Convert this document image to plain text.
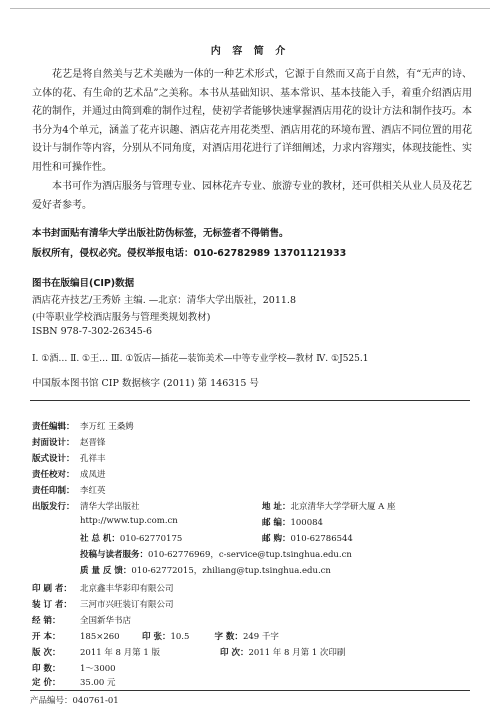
内 容 简 介
花艺是将自然美与艺术美融为一体的一种艺术形式，它源于自然而又高于自然，有“无声的诗、立体的花、有生命的艺术品”之美称。本书从基础知识、基本常识、基本技能入手，着重介绍酒店用花的制作，并通过由简到难的制作过程，使初学者能够快速掌握酒店用花的设计方法和制作技巧。本书分为4个单元，涵盖了花卉识趣、酒店花卉用花类型、酒店用花的环境布置、酒店不同位置的用花设计与制作等内容，分别从不同角度，对酒店用花进行了详细阐述，力求内容翔实，体现技能性、实用性和可操作性。
本书可作为酒店服务与管理专业、园林花卉专业、旅游专业的教材，还可供相关从业人员及花艺爱好者参考。
本书封面贴有清华大学出版社防伪标签，无标签者不得销售。
版权所有，侵权必究。侵权举报电话：010-62782989 13701121933
图书在版编目(CIP)数据
酒店花卉技艺/王秀娇 主编. —北京：清华大学出版社，2011.8
(中等职业学校酒店服务与管理类规划教材)
ISBN 978-7-302-26345-6
Ⅰ. ①酒… Ⅱ. ①王… Ⅲ. ①饭店—插花—装饰美术—中等专业学校—教材 Ⅳ. ①J525.1
中国版本图书馆 CIP 数据核字 (2011) 第 146315 号
责任编辑： 李万红 王桑娉
封面设计： 赵晋锋
版式设计： 孔祥丰
责任校对： 成凤进
责任印制： 李红英
出版发行： 清华大学出版社	地 址：北京清华大学学研大厦 A 座
http://www.tup.com.cn	邮 编：100084
社 总 机：010-62770175	邮 购：010-62786544
投稿与读者服务：010-62776969，c-service@tup.tsinghua.edu.cn
质 量 反 馈：010-62772015，zhiliang@tup.tsinghua.edu.cn
印 刷 者： 北京鑫丰华彩印有限公司
装 订 者： 三河市兴旺装订有限公司
经 销： 全国新华书店
开 本： 185×260	印 张：10.5	字 数：249 千字
版 次： 2011 年 8 月第 1 版	印 次：2011 年 8 月第 1 次印刷
印 数： 1～3000
定 价： 35.00 元
产品编号：040761-01
